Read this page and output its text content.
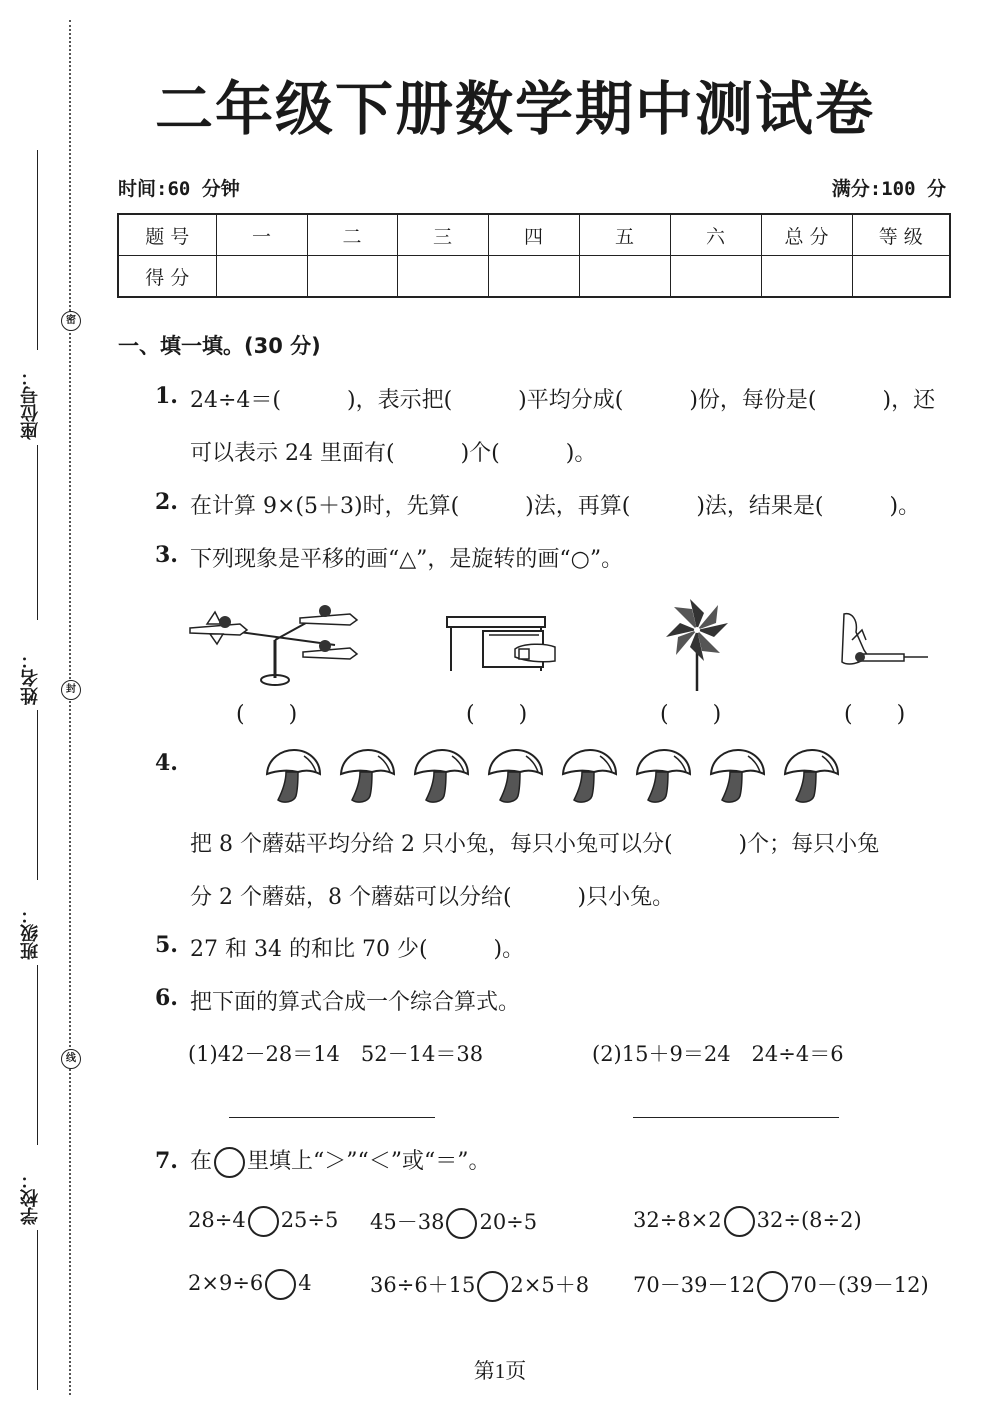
密
封
线
座位号：
姓名：
班级：
学校：
二年级下册数学期中测试卷
时间:60 分钟	满分:100 分
题 号	一	二	三	四	五	六	总 分	等 级
得 分								
一、填一填。(30 分)
1. 24÷4＝(　　　)，表示把(　　　)平均分成(　　　)份，每份是(　　　)，还
可以表示 24 里面有(　　　)个(　　　)。
2. 在计算 9×(5＋3)时，先算(　　　)法，再算(　　　)法，结果是(　　　)。
3. 下列现象是平移的画“△”，是旋转的画“○”。
(　　)	(　　)	(　　)	(　　)
4.
把 8 个蘑菇平均分给 2 只小兔，每只小兔可以分(　　　)个；每只小兔
分 2 个蘑菇，8 个蘑菇可以分给(　　　)只小兔。
5. 27 和 34 的和比 70 少(　　　)。
6. 把下面的算式合成一个综合算式。
(1)42－28＝14　52－14＝38	(2)15＋9＝24　24÷4＝6
7. 在 里填上“＞”“＜”或“＝”。
28÷4 25÷5 45－38 20÷5	32÷8×2 32÷(8÷2)
2×9÷6 4	36÷6＋15 2×5＋8 70－39－12 70－(39－12)
第1页
